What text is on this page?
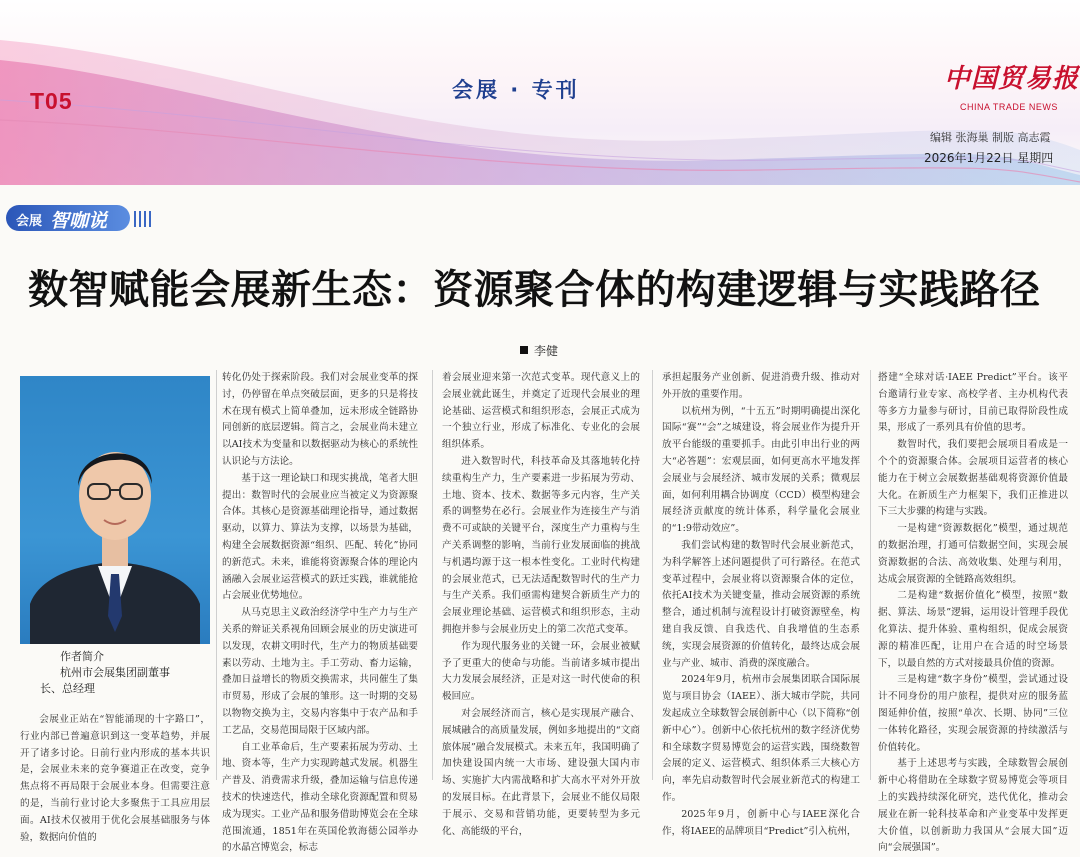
T05	会展 · 专刊	中国贸易报
CHINA TRADE NEWS
编辑 张海巢 制版 高志霞
2026年1月22日 星期四
会展 智咖说
数智赋能会展新生态：资源聚合体的构建逻辑与实践路径
李健
作者简介
杭州市会展集团副董事
长、总经理

会展业正站在“智能涌现的十字路口”，行业内部已普遍意识到这一变革趋势，并展开了诸多讨论。日前行业内形成的基本共识是，会展业未来的竞争赛道正在改变，竞争焦点将不再局限于会展业本身。但需要注意的是，当前行业讨论大多聚焦于工具应用层面。AI技术仅被用于优化会展基础服务与体验，数据向价值的

转化仍处于探索阶段。我们对会展业变革的探讨，仍停留在单点突破层面，更多的只是将技术在现有模式上简单叠加，远未形成全链路协同创新的底层逻辑。简言之，会展业尚未建立以AI技术为变量和以数据驱动为核心的系统性认识论与方法论。

基于这一理论缺口和现实挑战，笔者大胆提出：数智时代的会展业应当被定义为资源聚合体。其核心是资源基础理论指导，通过数据驱动，以算力、算法为支撑，以场景为基础，构建全会展数据资源“组织、匹配、转化”协同的新范式。未来，谁能将资源聚合体的理论内涵融入会展业运营模式的跃迁实践，谁就能抢占会展业优势地位。

从马克思主义政治经济学中生产力与生产关系的辩证关系视角回顾会展业的历史演进可以发现，农耕文明时代，生产力的物质基础要素以劳动、土地为主。手工劳动、畜力运输，叠加日益增长的物质交换需求，共同催生了集市贸易，形成了会展的雏形。这一时期的交易以物物交换为主，交易内容集中于农产品和手工艺品，交易范围局限于区域内部。

自工业革命后，生产要素拓展为劳动、土地、资本等，生产力实现跨越式发展。机器生产普及、消费需求升级，叠加运输与信息传递技术的快速迭代，推动全球化资源配置和贸易成为现实。工业产品和服务借助博览会在全球范围流通，1851年在英国伦敦海德公园举办的水晶宫博览会，标志

着会展业迎来第一次范式变革。现代意义上的会展业就此诞生，并奠定了近现代会展业的理论基础、运营模式和组织形态，会展正式成为一个独立行业，形成了标准化、专业化的会展组织体系。

进入数智时代，科技革命及其落地转化持续重构生产力，生产要素进一步拓展为劳动、土地、资本、技术、数据等多元内容，生产关系的调整势在必行。会展业作为连接生产与消费不可或缺的关键平台，深度生产力重构与生产关系调整的影响，当前行业发展面临的挑战与机遇均源于这一根本性变化。工业时代构建的会展业范式，已无法适配数智时代的生产力与生产关系。我们亟需构建契合新质生产力的会展业理论基础、运营模式和组织形态，主动拥抱并参与会展业历史上的第二次范式变革。

作为现代服务业的关键一环，会展业被赋予了更重大的使命与功能。当前诸多城市提出大力发展会展经济，正是对这一时代使命的积极回应。

对会展经济而言，核心是实现展产融合、展城融合的高质量发展，例如多地提出的“文商旅体展”融合发展模式。未来五年，我国明确了加快建设国内统一大市场、建设强大国内市场、实施扩大内需战略和扩大高水平对外开放的发展目标。在此背景下，会展业不能仅局限于展示、交易和营销功能，更要转型为多元化、高能级的平台，

承担起服务产业创新、促进消费升级、推动对外开放的重要作用。

以杭州为例，“十五五”时期明确提出深化国际“赛”“会”之城建设，将会展业作为提升开放平台能级的重要抓手。由此引申出行业的两大“必答题”：宏观层面，如何更高水平地发挥会展业与会展经济、城市发展的关系；微观层面，如何利用耦合协调度（CCD）模型构建会展经济贡献度的统计体系，科学量化会展业的“1:9带动效应”。

我们尝试构建的数智时代会展业新范式，为科学解答上述问题提供了可行路径。在范式变革过程中，会展业将以资源聚合体的定位，依托AI技术为关键变量，推动会展资源的系统整合，通过机制与流程设计打破资源壁垒，构建自我反馈、自我迭代、自我增值的生态系统，实现会展资源的价值转化，最终达成会展业与产业、城市、消费的深度融合。

2024年9月，杭州市会展集团联合国际展览与项目协会（IAEE）、浙大城市学院，共同发起成立全球数智会展创新中心（以下简称“创新中心”）。创新中心依托杭州的数字经济优势和全球数字贸易博览会的运营实践，围绕数智会展的定义、运营模式、组织体系三大核心方向，率先启动数智时代会展业新范式的构建工作。

2025年9月，创新中心与IAEE深化合作，将IAEE的品牌项目“Predict”引入杭州，

搭建“全球对话·IAEE Predict”平台。该平台邀请行业专家、高校学者、主办机构代表等多方力量参与研讨，目前已取得阶段性成果，形成了一系列具有价值的思考。

数智时代，我们要把会展项目看成是一个个的资源聚合体。会展项目运营者的核心能力在于树立会展数据基础观将资源价值最大化。在新质生产力框架下，我们正推进以下三大步骤的构建与实践。

一是构建“资源数据化”模型，通过规范的数据治理，打通可信数据空间，实现会展资源数据的合法、高效收集、处理与利用，达成会展资源的全链路高效组织。

二是构建“数据价值化”模型，按照“数据、算法、场景”逻辑，运用设计管理手段优化算法、提升体验、重构组织，促成会展资源的精准匹配，让用户在合适的时空场景下，以最自然的方式对接最具价值的资源。

三是构建“数字身份”模型，尝试通过设计不同身份的用户旅程，提供对应的服务蓝图延伸价值，按照“单次、长期、协同”三位一体转化路径，实现会展资源的持续激活与价值转化。

基于上述思考与实践，全球数智会展创新中心将借助在全球数字贸易博览会等项目上的实践持续深化研究，迭代优化，推动会展业在新一轮科技革命和产业变革中发挥更大价值，以创新助力我国从“会展大国”迈向“会展强国”。
